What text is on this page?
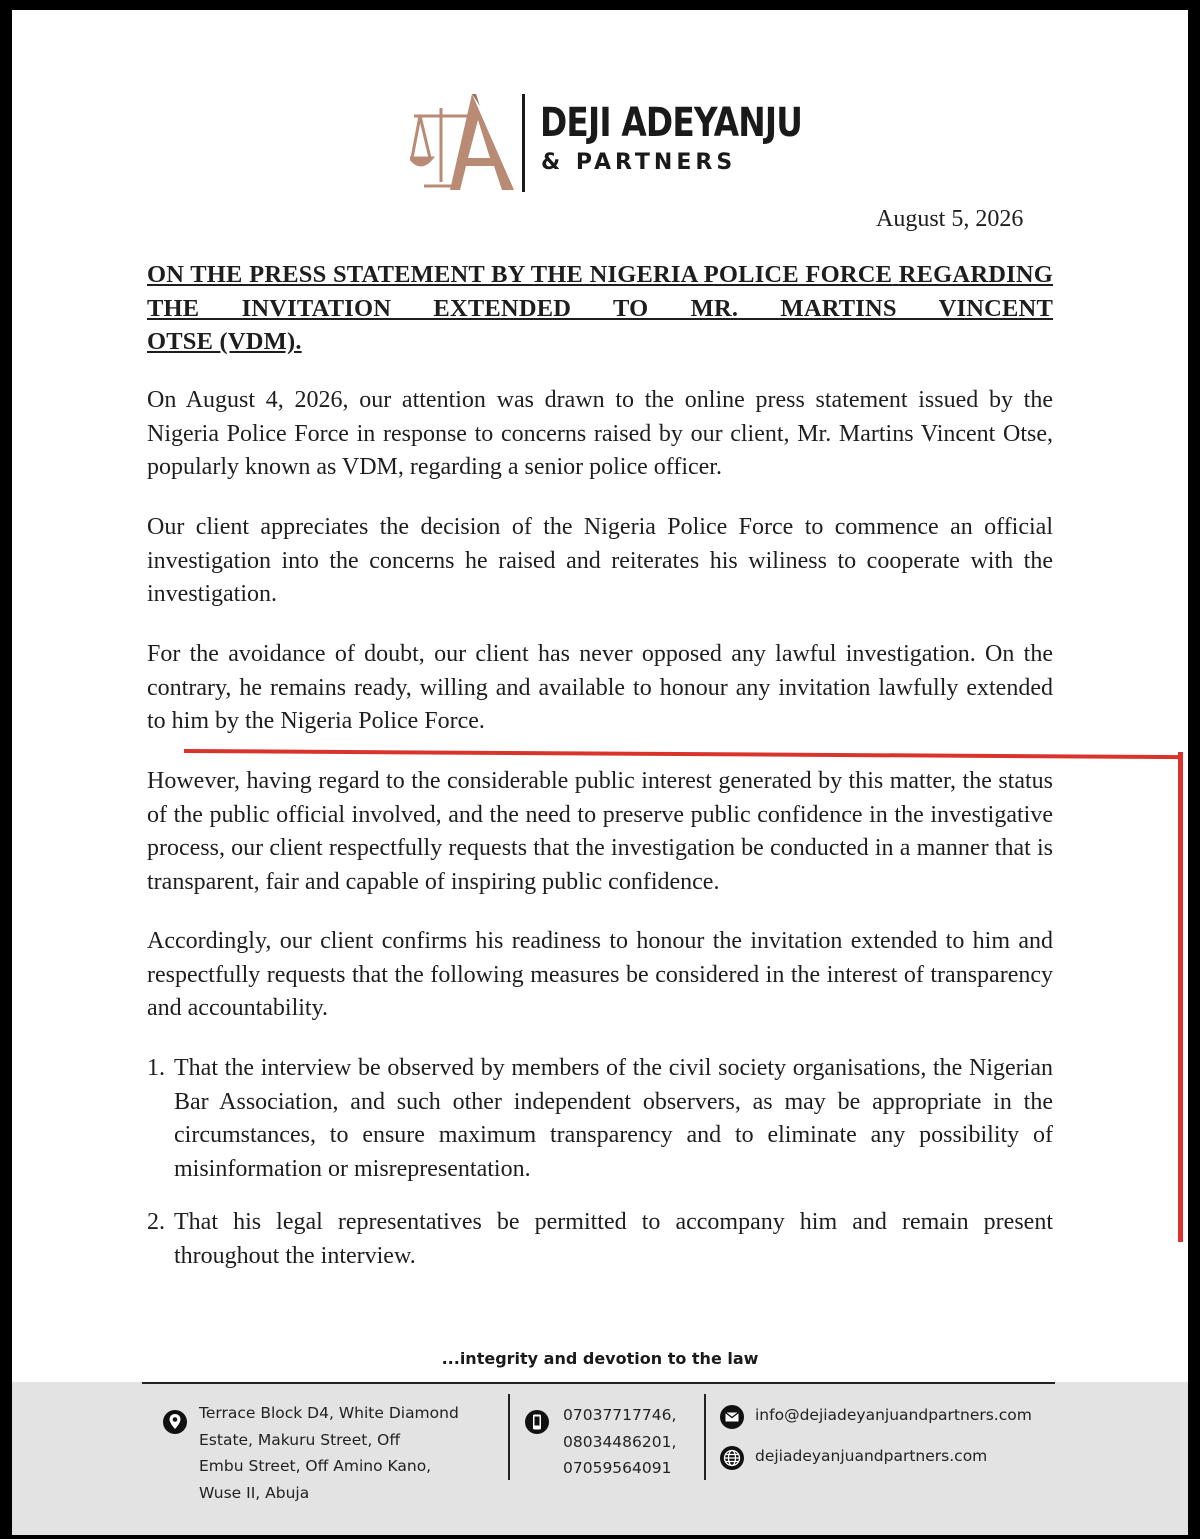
DEJI ADEYANJU
& PARTNERS
August 5, 2026
ON THE PRESS STATEMENT BY THE NIGERIA POLICE FORCE REGARDING THE INVITATION EXTENDED TO MR. MARTINS VINCENT
OTSE (VDM).

On August 4, 2026, our attention was drawn to the online press statement issued by the Nigeria Police Force in response to concerns raised by our client, Mr. Martins Vincent Otse, popularly known as VDM, regarding a senior police officer.

Our client appreciates the decision of the Nigeria Police Force to commence an official investigation into the concerns he raised and reiterates his wiliness to cooperate with the investigation.

For the avoidance of doubt, our client has never opposed any lawful investigation. On the contrary, he remains ready, willing and available to honour any invitation lawfully extended to him by the Nigeria Police Force.

However, having regard to the considerable public interest generated by this matter, the status of the public official involved, and the need to preserve public confidence in the investigative process, our client respectfully requests that the investigation be conducted in a manner that is transparent, fair and capable of inspiring public confidence.

Accordingly, our client confirms his readiness to honour the invitation extended to him and respectfully requests that the following measures be considered in the interest of transparency and accountability.

1. That the interview be observed by members of the civil society organisations, the Nigerian Bar Association, and such other independent observers, as may be appropriate in the circumstances, to ensure maximum transparency and to eliminate any possibility of misinformation or misrepresentation.
2. That his legal representatives be permitted to accompany him and remain present throughout the interview.
...integrity and devotion to the law
Terrace Block D4, White Diamond
Estate, Makuru Street, Off
Embu Street, Off Amino Kano,
Wuse II, Abuja
07037717746,
08034486201,
07059564091
info@dejiadeyanjuandpartners.com
dejiadeyanjuandpartners.com
